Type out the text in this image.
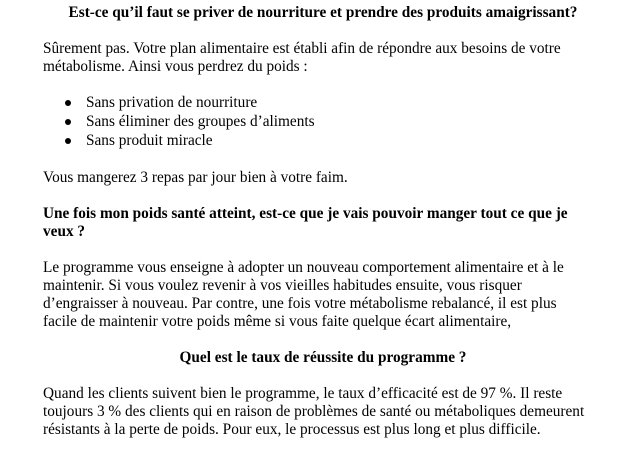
Est-ce qu’il faut se priver de nourriture et prendre des produits amaigrissant?

Sûrement pas. Votre plan alimentaire est établi afin de répondre aux besoins de votre
métabolisme. Ainsi vous perdrez du poids :

Sans privation de nourriture
Sans éliminer des groupes d’aliments
Sans produit miracle

Vous mangerez 3 repas par jour bien à votre faim.

Une fois mon poids santé atteint, est-ce que je vais pouvoir manger tout ce que je
veux ?

Le programme vous enseigne à adopter un nouveau comportement alimentaire et à le
maintenir. Si vous voulez revenir à vos vieilles habitudes ensuite, vous risquer
d’engraisser à nouveau. Par contre, une fois votre métabolisme rebalancé, il est plus
facile de maintenir votre poids même si vous faite quelque écart alimentaire,

Quel est le taux de réussite du programme ?

Quand les clients suivent bien le programme, le taux d’efficacité est de 97 %. Il reste
toujours 3 % des clients qui en raison de problèmes de santé ou métaboliques demeurent
résistants à la perte de poids. Pour eux, le processus est plus long et plus difficile.
